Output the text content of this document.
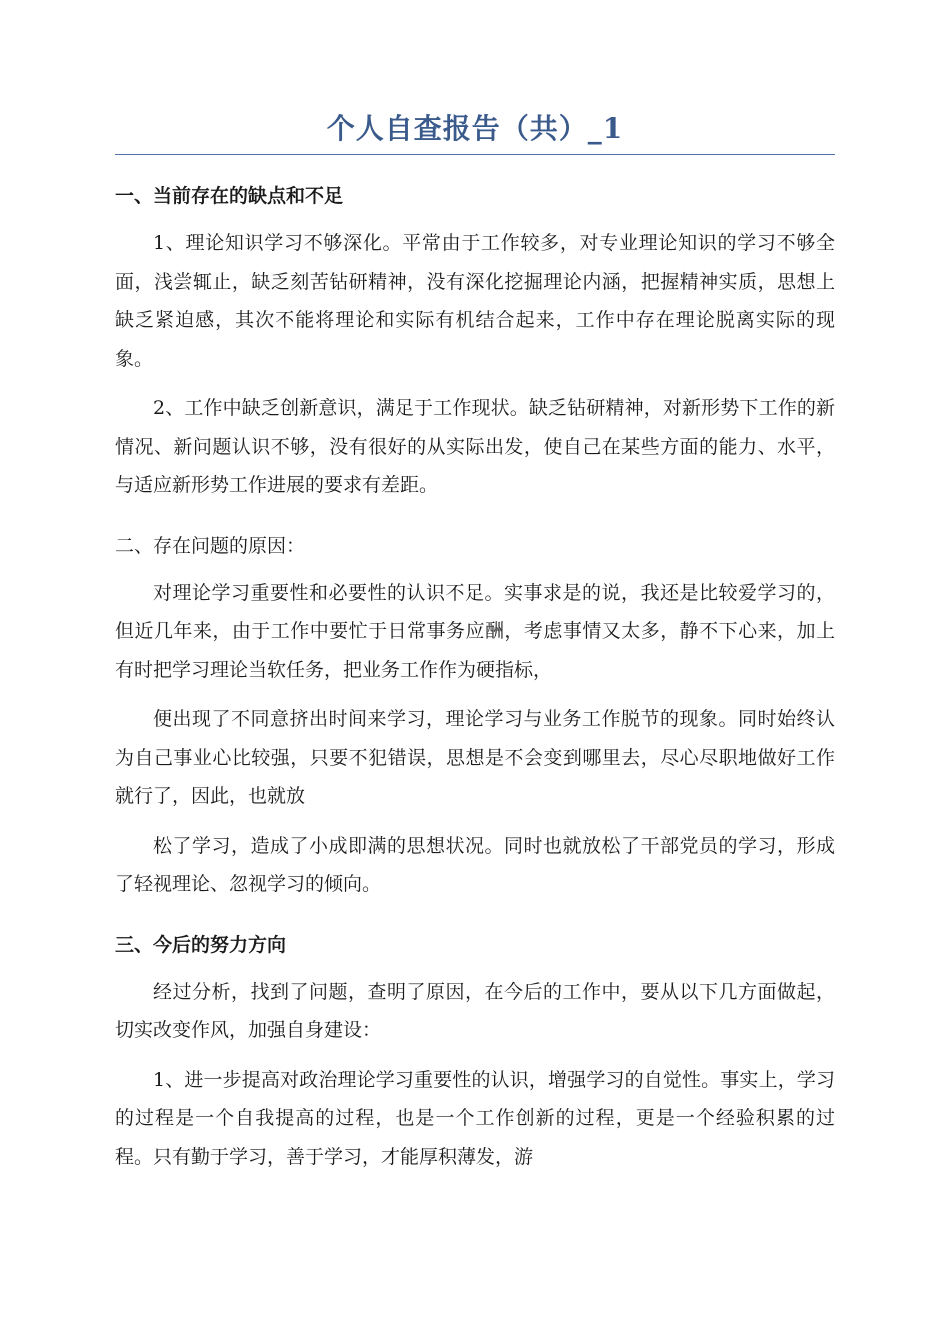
个人自查报告（共）_1
一、当前存在的缺点和不足

1、理论知识学习不够深化。平常由于工作较多，对专业理论知识的学习不够全面，浅尝辄止，缺乏刻苦钻研精神，没有深化挖掘理论内涵，把握精神实质，思想上缺乏紧迫感，其次不能将理论和实际有机结合起来，工作中存在理论脱离实际的现象。

2、工作中缺乏创新意识，满足于工作现状。缺乏钻研精神，对新形势下工作的新情况、新问题认识不够，没有很好的从实际出发，使自己在某些方面的能力、水平，与适应新形势工作进展的要求有差距。

二、存在问题的原因：

对理论学习重要性和必要性的认识不足。实事求是的说，我还是比较爱学习的，但近几年来，由于工作中要忙于日常事务应酬，考虑事情又太多，静不下心来，加上有时把学习理论当软任务，把业务工作作为硬指标，

便出现了不同意挤出时间来学习，理论学习与业务工作脱节的现象。同时始终认为自己事业心比较强，只要不犯错误，思想是不会变到哪里去，尽心尽职地做好工作就行了，因此，也就放

松了学习，造成了小成即满的思想状况。同时也就放松了干部党员的学习，形成了轻视理论、忽视学习的倾向。

三、今后的努力方向

经过分析，找到了问题，查明了原因，在今后的工作中，要从以下几方面做起，切实改变作风，加强自身建设：

1、进一步提高对政治理论学习重要性的认识，增强学习的自觉性。事实上，学习的过程是一个自我提高的过程，也是一个工作创新的过程，更是一个经验积累的过程。只有勤于学习，善于学习，才能厚积薄发，游
